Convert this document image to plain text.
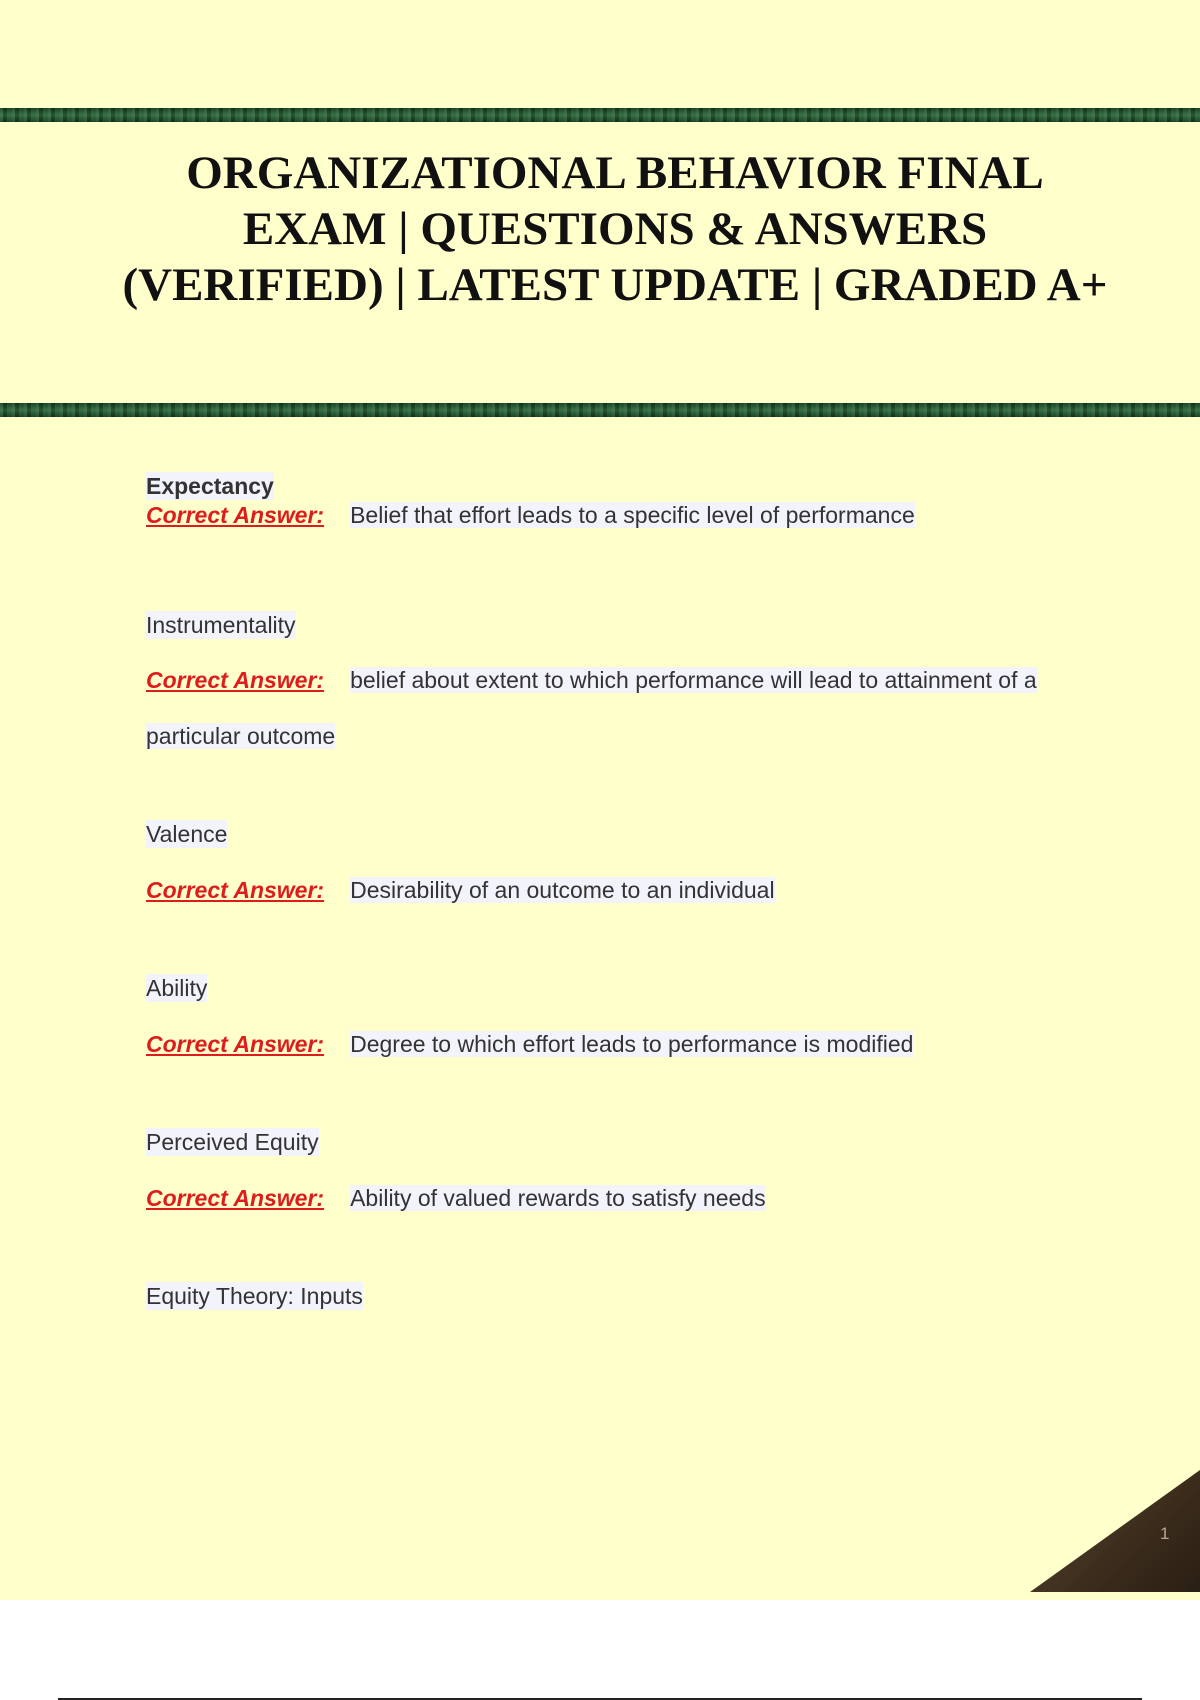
ORGANIZATIONAL BEHAVIOR FINAL EXAM | QUESTIONS & ANSWERS (VERIFIED) | LATEST UPDATE | GRADED A+
Expectancy
Correct Answer: Belief that effort leads to a specific level of performance
Instrumentality
Correct Answer: belief about extent to which performance will lead to attainment of a particular outcome
Valence
Correct Answer: Desirability of an outcome to an individual
Ability
Correct Answer: Degree to which effort leads to performance is modified
Perceived Equity
Correct Answer: Ability of valued rewards to satisfy needs
Equity Theory: Inputs
1
